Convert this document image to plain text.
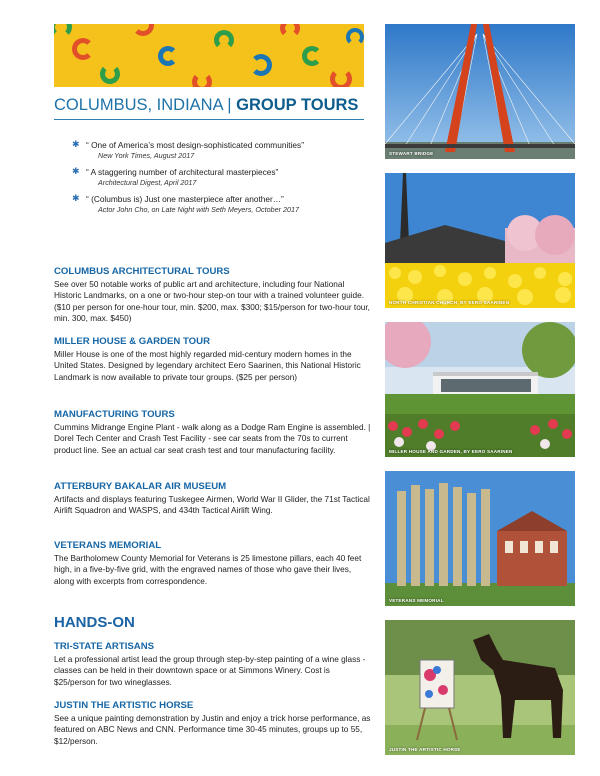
COLUMBUS, INDIANA | GROUP TOURS
✱ “ One of America’s most design-sophisticated communities”
New York Times, August 2017
✱ “ A staggering number of architectural masterpieces”
Architectural Digest, April 2017
✱ “ (Columbus is) Just one masterpiece after another…”
Actor John Cho, on Late Night with Seth Meyers, October 2017
COLUMBUS ARCHITECTURAL TOURS

See over 50 notable works of public art and architecture, including four National Historic Landmarks, on a one or two-hour step-on tour with a trained volunteer guide. ($10 per person for one-hour tour, min. $200, max. $300; $15/person for two-hour tour, min. 300, max. $450)

MILLER HOUSE & GARDEN TOUR

Miller House is one of the most highly regarded mid-century modern homes in the United States. Designed by legendary architect Eero Saarinen, this National Historic Landmark is now available to private tour groups. ($25 per person)

MANUFACTURING TOURS

Cummins Midrange Engine Plant - walk along as a Dodge Ram Engine is assembled. | Dorel Tech Center and Crash Test Facility - see car seats from the 70s to current product line. See an actual car seat crash test and tour manufacturing facility.

ATTERBURY BAKALAR AIR MUSEUM

Artifacts and displays featuring Tuskegee Airmen, World War II Glider, the 71st Tactical Airlift Squadron and WASPS, and 434th Tactical Airlift Wing.

VETERANS MEMORIAL

The Bartholomew County Memorial for Veterans is 25 limestone pillars, each 40 feet high, in a five-by-five grid, with the engraved names of those who gave their lives, along with excerpts from correspondence.

HANDS-ON
TRI-STATE ARTISANS

Let a professional artist lead the group through step-by-step painting of a wine glass - classes can be held in their downtown space or at Simmons Winery. Cost is $25/person for two wineglasses.

JUSTIN THE ARTISTIC HORSE

See a unique painting demonstration by Justin and enjoy a trick horse performance, as featured on ABC News and CNN. Performance time 30-45 minutes, groups up to 55, $12/person.

STEWART BRIDGE
NORTH CHRISTIAN CHURCH, BY EERO SAARINEN
MILLER HOUSE AND GARDEN, BY EERO SAARINEN
VETERANS MEMORIAL
JUSTIN THE ARTISTIC HORSE
